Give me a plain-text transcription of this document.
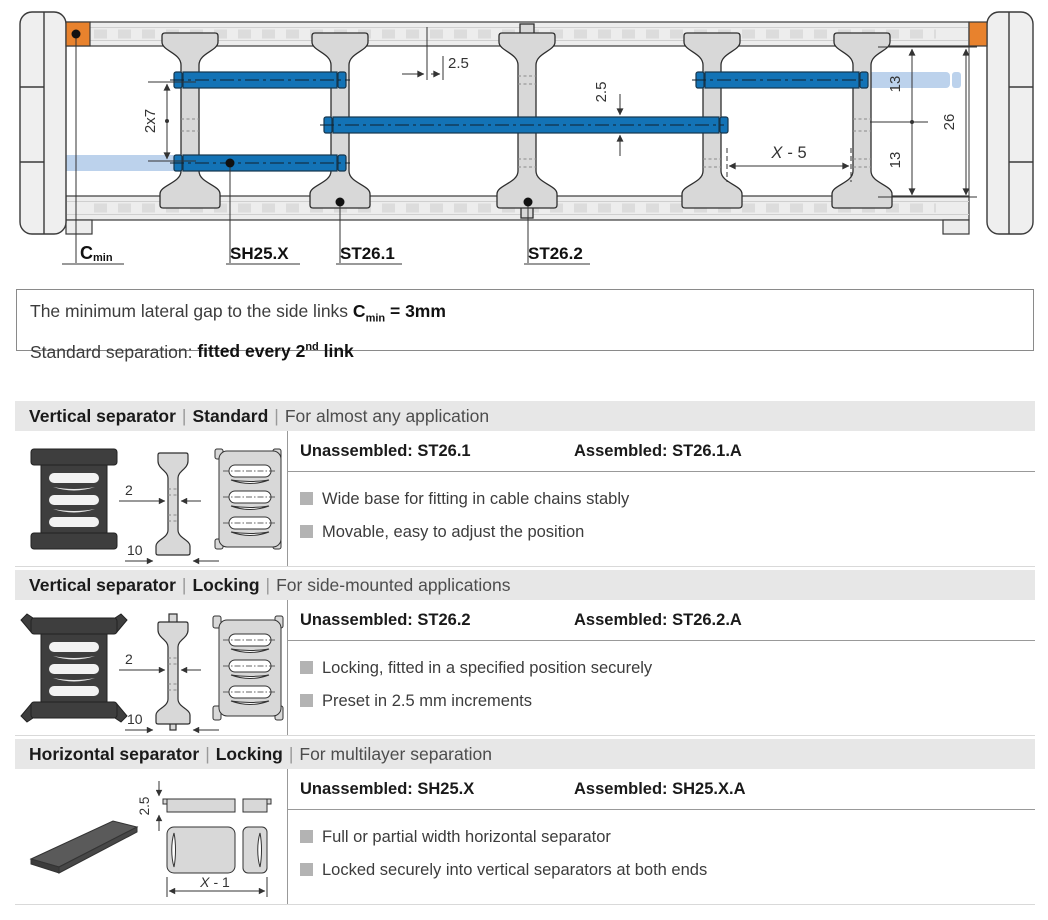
2.5
2x7
2.5
X - 5
13
13
26
Cmin	SH25.X	ST26.1	ST26.2
The minimum lateral gap to the side links $C_{min} = 3mm$
Standard separation: fitted every 2nd link
Vertical separator | Standard | For almost any application
2
10
Unassembled: ST26.1	Assembled: ST26.1.A
Wide base for fitting in cable chains stably
Movable, easy to adjust the position
Vertical separator | Locking | For side-mounted applications
2
10
Unassembled: ST26.2	Assembled: ST26.2.A
Locking, fitted in a specified position securely
Preset in 2.5 mm increments
Horizontal separator | Locking | For multilayer separation
2.5
X - 1
Unassembled: SH25.X	Assembled: SH25.X.A
Full or partial width horizontal separator
Locked securely into vertical separators at both ends
